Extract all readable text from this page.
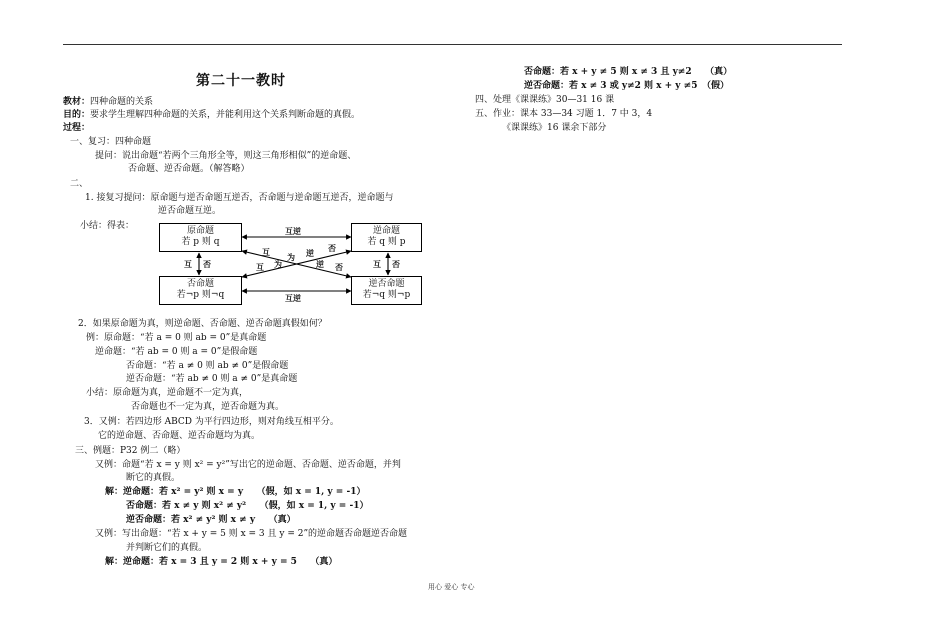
第二十一教时
教材：四种命题的关系
目的：要求学生理解四种命题的关系，并能利用这个关系判断命题的真假。
过程：
一、复习：四种命题
提问：说出命题“若两个三角形全等，则这三角形相似”的逆命题、
否命题、逆否命题。（解答略）
二、
1. 接复习提问：原命题与逆否命题互逆否，否命题与逆命题互逆否，逆命题与
逆否命题互逆。
小结：得表：	原命题
若 p 则 q
逆命题
若 q 则 p
否命题
若¬p 则¬q
逆否命题
若¬q 则¬p
互逆
互逆
互 否	互 否
互 为 逆 否
互 为	逆 否
2．如果原命题为真，则逆命题、否命题、逆否命题真假如何？
例：原命题：“若 a = 0 则 ab = 0”是真命题
逆命题：“若 ab = 0 则 a = 0”是假命题
否命题：“若 a ≠ 0 则 ab ≠ 0”是假命题
逆否命题：“若 ab ≠ 0 则 a ≠ 0”是真命题
小结：原命题为真，逆命题不一定为真，
否命题也不一定为真，逆否命题为真。
3．又例：若四边形 ABCD 为平行四边形，则对角线互相平分。
它的逆命题、否命题、逆否命题均为真。
三、例题：P32 例二（略）
又例：命题“若 x = y 则 x² = y²”写出它的逆命题、否命题、逆否命题，并判
断它的真假。
解：逆命题：若 x² = y² 则 x = y　　（假，如 x = 1, y = -1）
否命题：若 x ≠ y 则 x² ≠ y²　　（假，如 x = 1, y = -1）
逆否命题：若 x² ≠ y² 则 x ≠ y　　（真）
又例：写出命题：“若 x + y = 5 则 x = 3 且 y = 2”的逆命题否命题逆否命题
并判断它们的真假。
解：逆命题：若 x = 3 且 y = 2 则 x + y = 5　　（真）
否命题：若 x + y ≠ 5 则 x ≠ 3 且 y≠2　　（真）
逆否命题：若 x ≠ 3 或 y≠2 则 x + y ≠5　（假）
四、处理《课课练》30—31 16 课
五、作业：课本 33—34 习题 1．7 中 3，4
《课课练》16 课余下部分
用心 爱心 专心
